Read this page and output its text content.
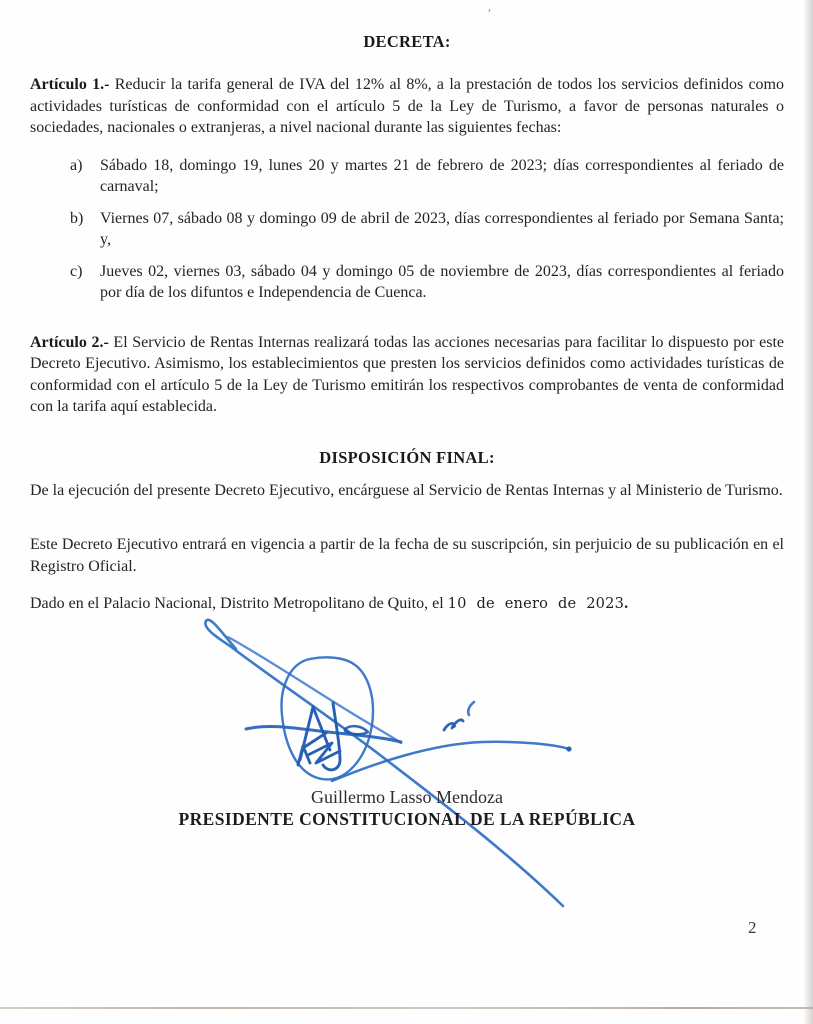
’
DECRETA:

Artículo 1.- Reducir la tarifa general de IVA del 12% al 8%, a la prestación de todos los servicios definidos como actividades turísticas de conformidad con el artículo 5 de la Ley de Turismo, a favor de personas naturales o sociedades, nacionales o extranjeras, a nivel nacional durante las siguientes fechas:

a) Sábado 18, domingo 19, lunes 20 y martes 21 de febrero de 2023; días correspondientes al feriado de carnaval;
b) Viernes 07, sábado 08 y domingo 09 de abril de 2023, días correspondientes al feriado por Semana Santa; y,
c) Jueves 02, viernes 03, sábado 04 y domingo 05 de noviembre de 2023, días correspondientes al feriado por día de los difuntos e Independencia de Cuenca.

Artículo 2.- El Servicio de Rentas Internas realizará todas las acciones necesarias para facilitar lo dispuesto por este Decreto Ejecutivo. Asimismo, los establecimientos que presten los servicios definidos como actividades turísticas de conformidad con el artículo 5 de la Ley de Turismo emitirán los respectivos comprobantes de venta de conformidad con la tarifa aquí establecida.

DISPOSICIÓN FINAL:

De la ejecución del presente Decreto Ejecutivo, encárguese al Servicio de Rentas Internas y al Ministerio de Turismo.

Este Decreto Ejecutivo entrará en vigencia a partir de la fecha de su suscripción, sin perjuicio de su publicación en el Registro Oficial.

Dado en el Palacio Nacional, Distrito Metropolitano de Quito, el 10 de enero de 2023.

Guillermo Lasso Mendoza
PRESIDENTE CONSTITUCIONAL DE LA REPÚBLICA
2
